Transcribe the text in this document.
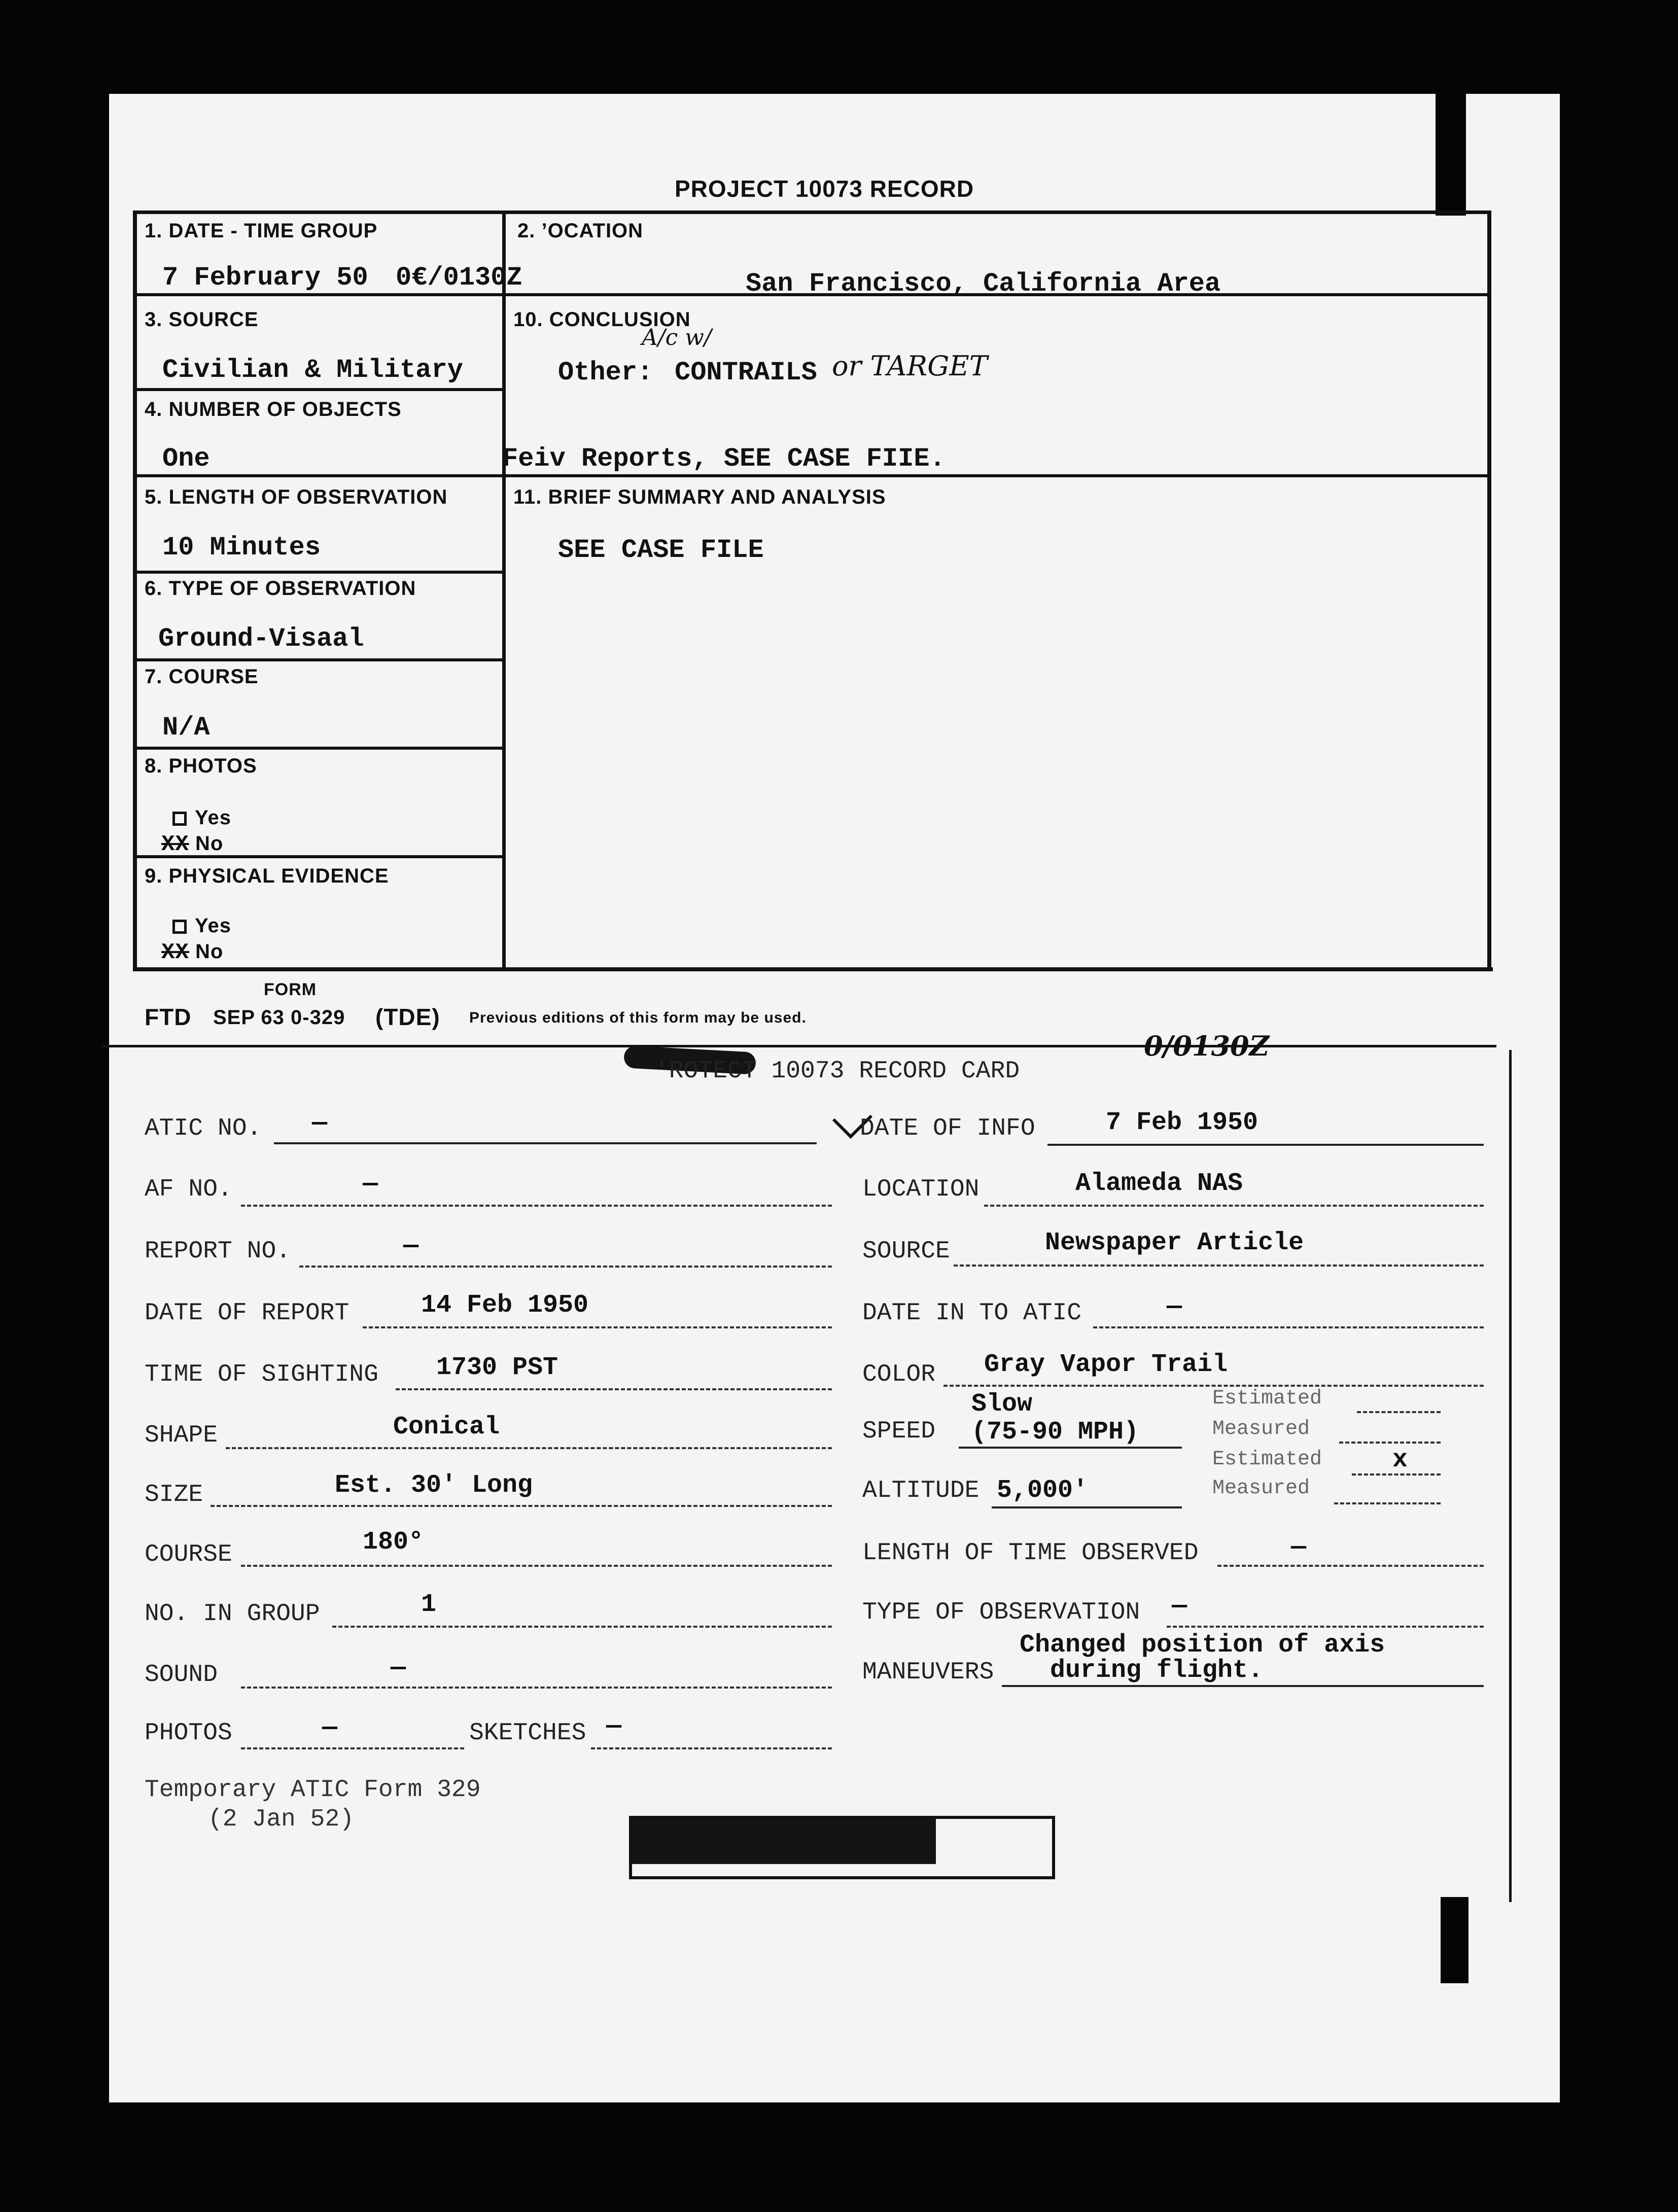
PROJECT 10073 RECORD
1. DATE - TIME GROUP
7 February 50 0€/0130Z
2. ’OCATION
San Francisco, California Area
3. SOURCE
Civilian & Military
10. CONCLUSION
Other:
A/c w/
CONTRAILS or TARGET
Feiv Reports, SEE CASE FIIE.
4. NUMBER OF OBJECTS
One
5. LENGTH OF OBSERVATION
10 Minutes
11. BRIEF SUMMARY AND ANALYSIS
SEE CASE FILE
6. TYPE OF OBSERVATION
Ground-Visaal
7. COURSE
N/A
8. PHOTOS
Yes
XX No
9. PHYSICAL EVIDENCE
Yes
XX No
FORM
FTD SEP 63 0-329 (TDE) Previous editions of this form may be used.
'ROTECT 10073 RECORD CARD
0/0130Z
ATIC NO. —
AF NO.	—
REPORT NO.	—
DATE OF REPORT	14 Feb 1950
TIME OF SIGHTING 1730 PST
SHAPE	Conical
SIZE	Est. 30' Long
COURSE	180°
NO. IN GROUP	1
SOUND	—
PHOTOS	—	SKETCHES —
DATE OF INFO	7 Feb 1950
LOCATION	Alameda NAS
SOURCE	Newspaper Article
DATE IN TO ATIC	—
COLOR Gray Vapor Trail
Slow
SPEED (75-90 MPH)
Estimated
Measured
ALTITUDE 5,000'
Estimated	x
Measured
LENGTH OF TIME OBSERVED	—
TYPE OF OBSERVATION —
Changed position of axis
MANEUVERS during flight.
Temporary ATIC Form 329
(2 Jan 52)
